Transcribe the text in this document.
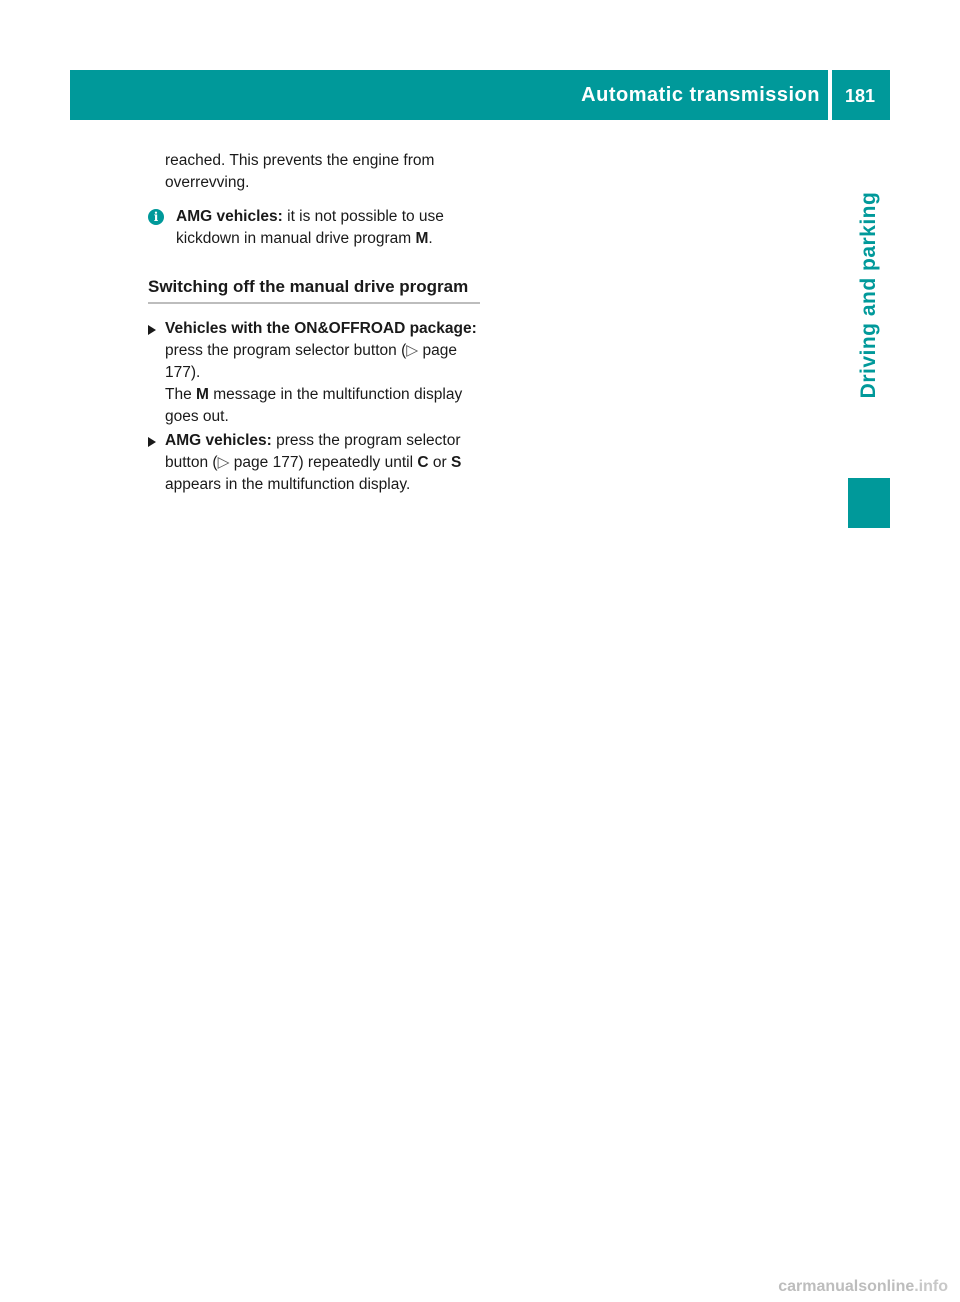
Automatic transmission	181
Driving and parking

reached. This prevents the engine from overrevving.

i	AMG vehicles: it is not possible to use kickdown in manual drive program M.

Switching off the manual drive program

Vehicles with the ON&OFFROAD package: press the program selector button (▷ page 177).

The M message in the multifunction display goes out.

AMG vehicles: press the program selector button (▷ page 177) repeatedly until C or S appears in the multifunction display.

carmanualsonline.info
